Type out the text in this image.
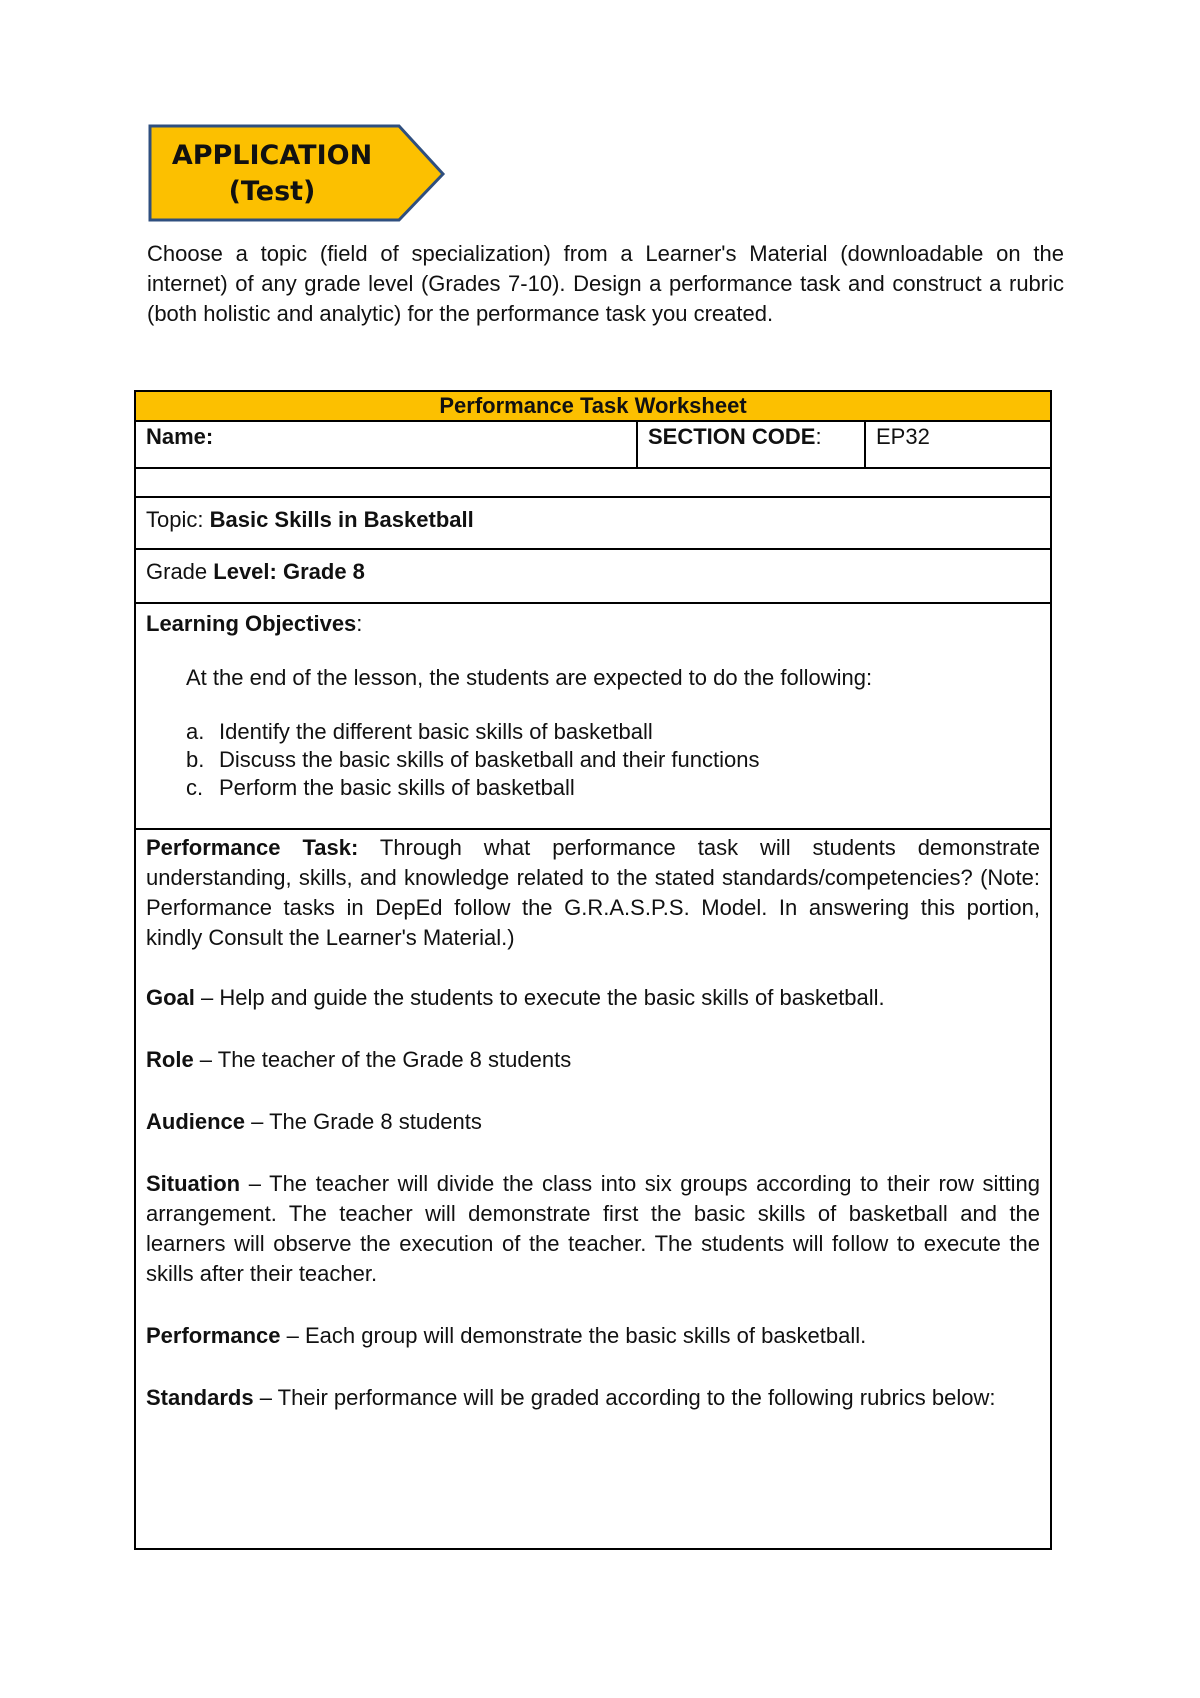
APPLICATION
(Test)

Choose a topic (field of specialization) from a Learner's Material (downloadable on the internet) of any grade level (Grades 7-10). Design a performance task and construct a rubric (both holistic and analytic) for the performance task you created.

Performance Task Worksheet
Name:	SECTION CODE:	EP32
Topic: Basic Skills in Basketball
Grade Level: Grade 8
Learning Objectives:
At the end of the lesson, the students are expected to do the following:
a. Identify the different basic skills of basketball
b. Discuss the basic skills of basketball and their functions
c. Perform the basic skills of basketball

Performance Task: Through what performance task will students demonstrate understanding, skills, and knowledge related to the stated standards/competencies? (Note: Performance tasks in DepEd follow the G.R.A.S.P.S. Model. In answering this portion, kindly Consult the Learner's Material.)

Goal – Help and guide the students to execute the basic skills of basketball.

Role – The teacher of the Grade 8 students

Audience – The Grade 8 students

Situation – The teacher will divide the class into six groups according to their row sitting arrangement. The teacher will demonstrate first the basic skills of basketball and the learners will observe the execution of the teacher. The students will follow to execute the skills after their teacher.

Performance – Each group will demonstrate the basic skills of basketball.

Standards – Their performance will be graded according to the following rubrics below:
